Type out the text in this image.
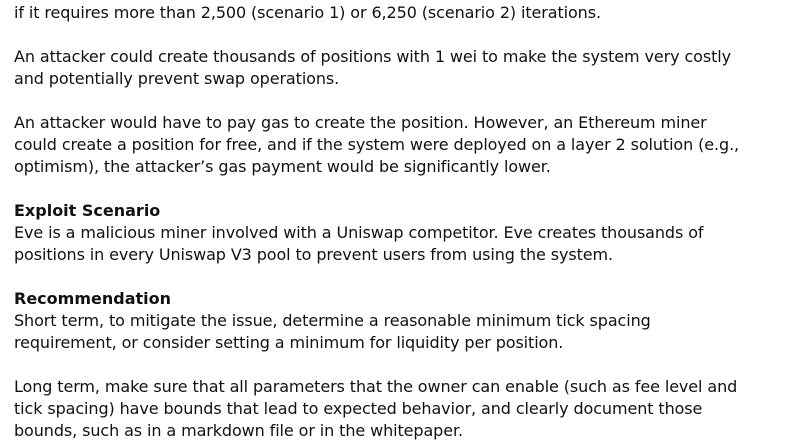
if it requires more than 2,500 (scenario 1) or 6,250 (scenario 2) iterations.
An attacker could create thousands of positions with 1 wei to make the system very costly
and potentially prevent swap operations.
An attacker would have to pay gas to create the position. However, an Ethereum miner
could create a position for free, and if the system were deployed on a layer 2 solution (e.g.,
optimism), the attacker’s gas payment would be significantly lower.
Exploit Scenario
Eve is a malicious miner involved with a Uniswap competitor. Eve creates thousands of
positions in every Uniswap V3 pool to prevent users from using the system.
Recommendation
Short term, to mitigate the issue, determine a reasonable minimum tick spacing
requirement, or consider setting a minimum for liquidity per position.
Long term, make sure that all parameters that the owner can enable (such as fee level and
tick spacing) have bounds that lead to expected behavior, and clearly document those
bounds, such as in a markdown file or in the whitepaper.
